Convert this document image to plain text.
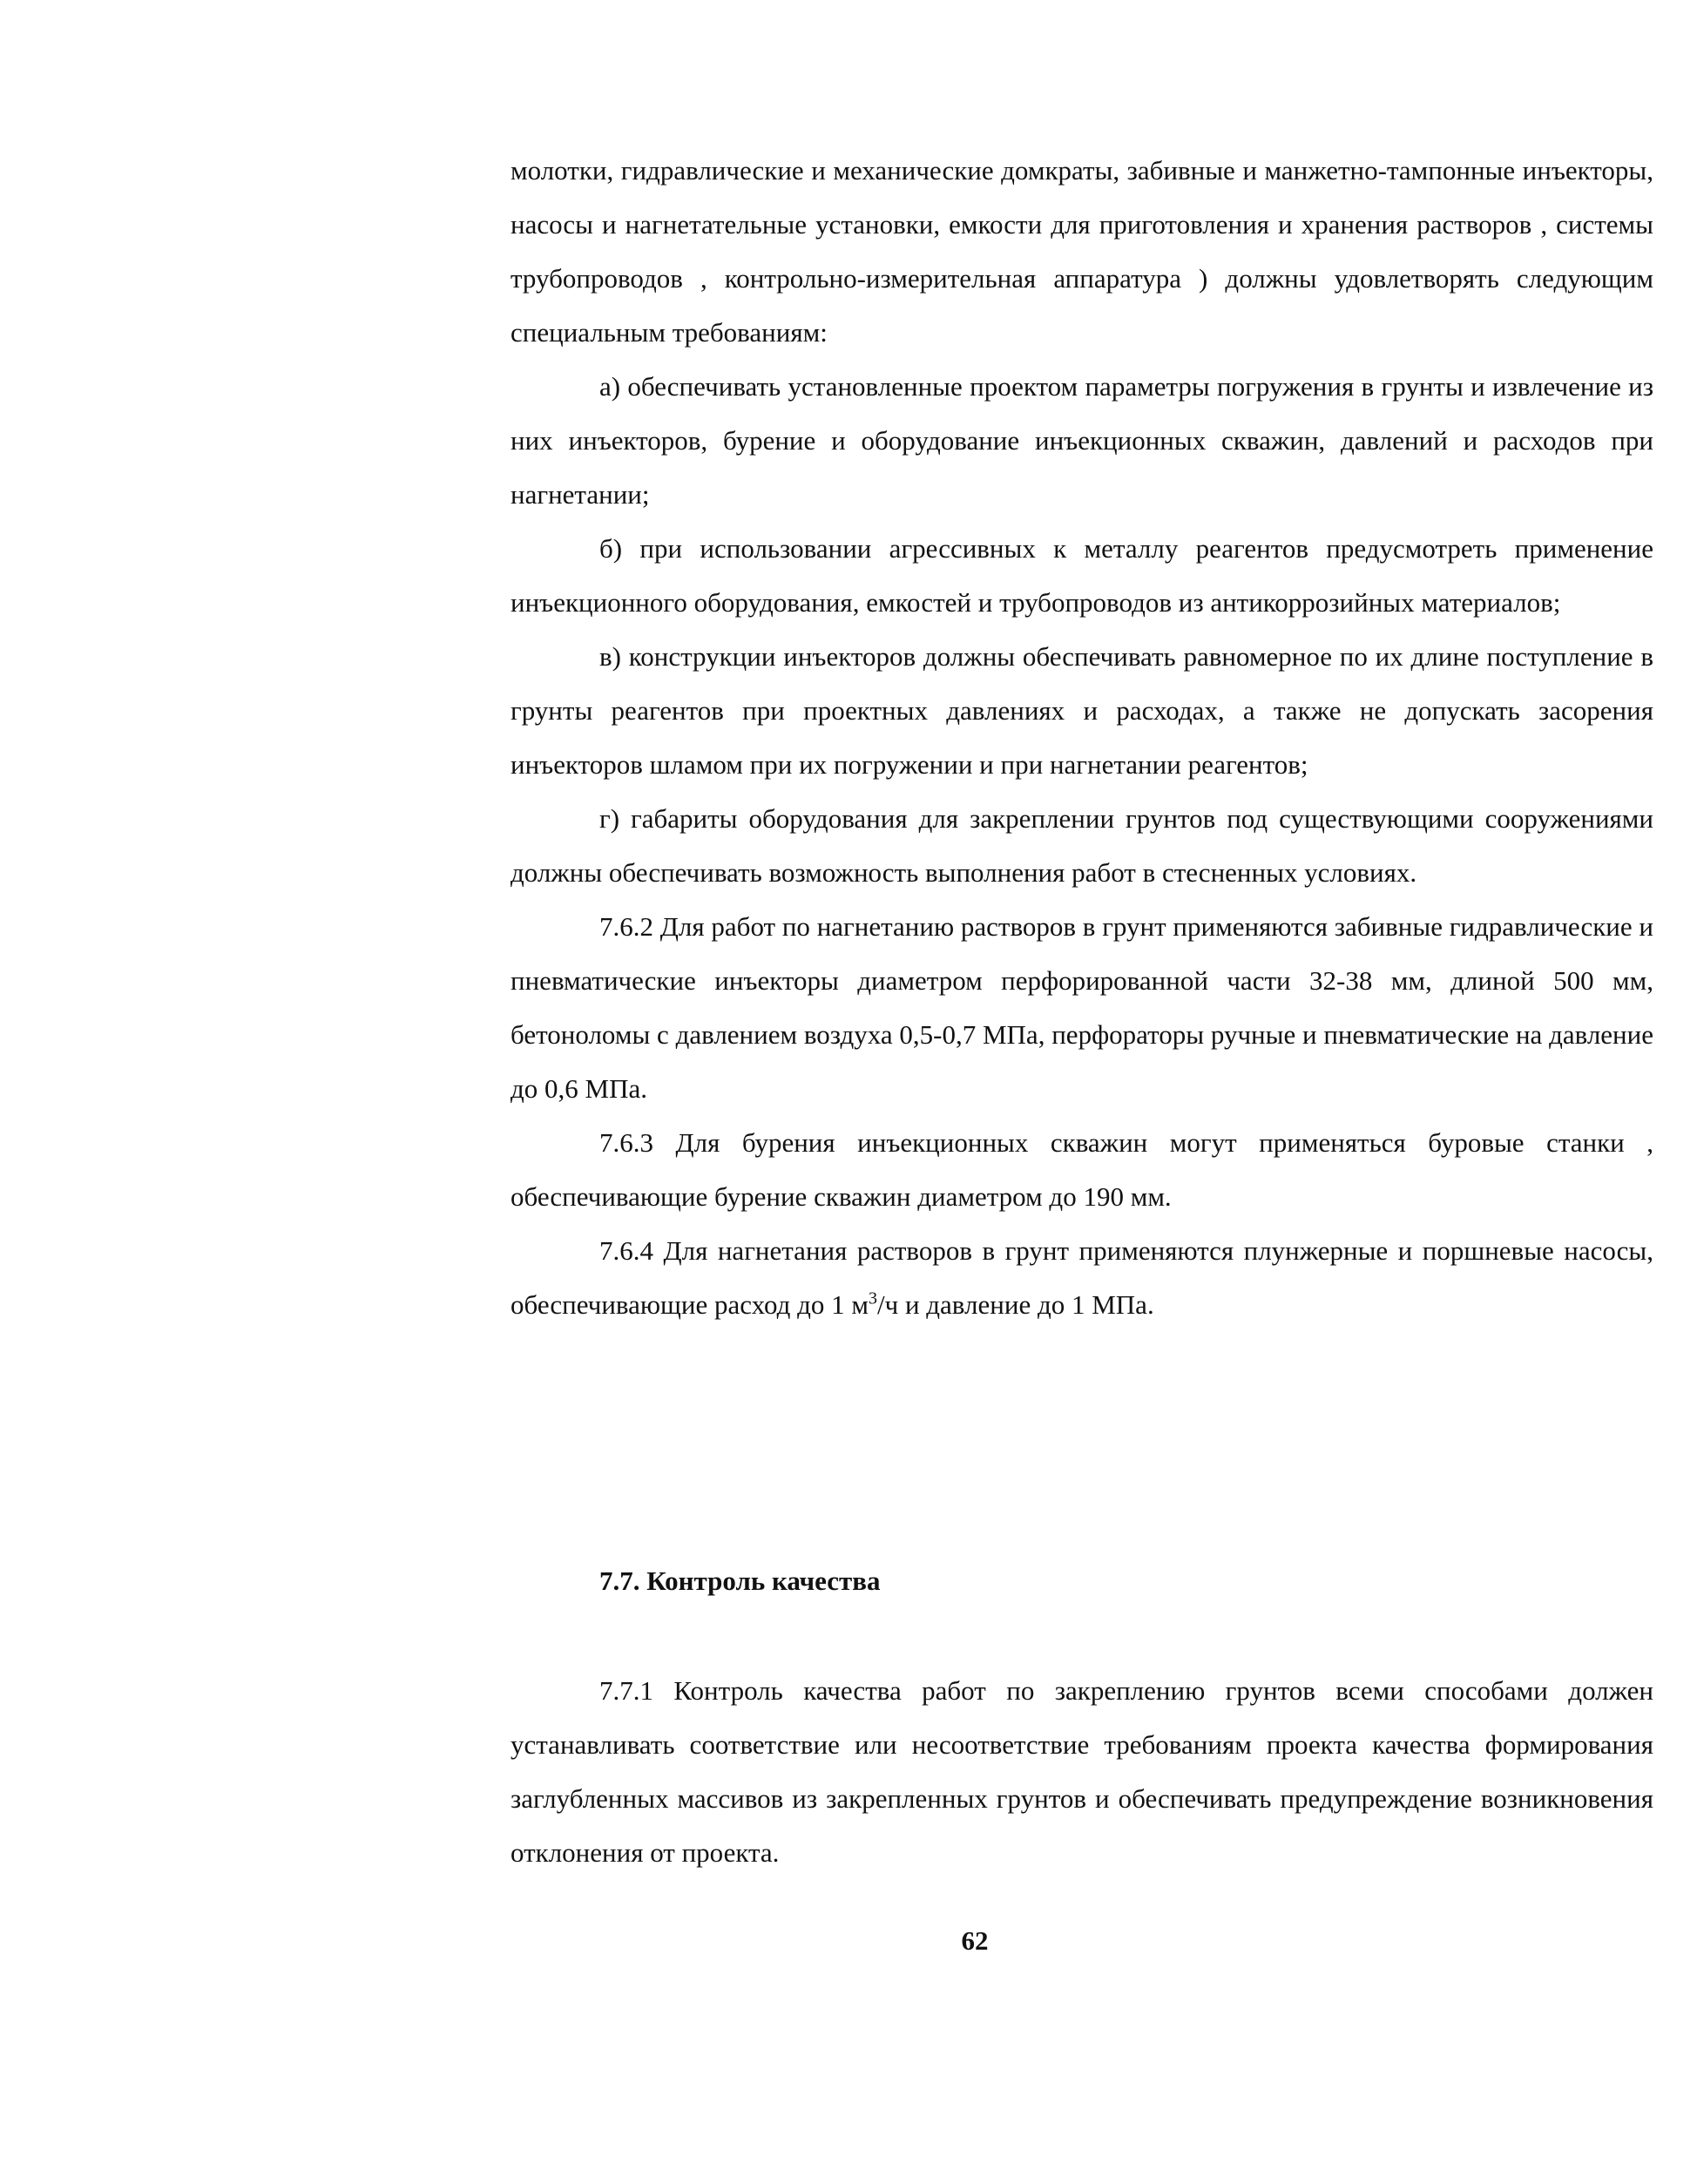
молотки, гидравлические и механические домкраты, забивные и манжетно-тампонные инъекторы, насосы и нагнетательные установки, емкости для приготовления и хранения растворов , системы трубопроводов , контрольно-измерительная аппаратура ) должны удовлетворять следующим специальным требованиям:

а) обеспечивать установленные проектом параметры погружения в грунты и извлечение из них инъекторов, бурение и оборудование инъекционных скважин, давлений и расходов при нагнетании;

б) при использовании агрессивных к металлу реагентов предусмотреть применение инъекционного оборудования, емкостей и трубопроводов из антикоррозийных материалов;

в) конструкции инъекторов должны обеспечивать равномерное по их длине поступление в грунты реагентов при проектных давлениях и расходах, а также не допускать засорения инъекторов шламом при их погружении и при нагнетании реагентов;

г) габариты оборудования для закреплении грунтов под существующими сооружениями должны обеспечивать возможность выполнения работ в стесненных условиях.

7.6.2 Для работ по нагнетанию растворов в грунт применяются забивные гидравлические и пневматические инъекторы диаметром перфорированной части 32-38 мм, длиной 500 мм, бетоноломы с давлением воздуха 0,5-0,7 МПа, перфораторы ручные и пневматические на давление до 0,6 МПа.

7.6.3 Для бурения инъекционных скважин могут применяться буровые станки , обеспечивающие бурение скважин диаметром до 190 мм.

7.6.4 Для нагнетания растворов в грунт применяются плунжерные и поршневые насосы, обеспечивающие расход до 1 $м^3/ч$ и давление до 1 МПа.

7.7. Контроль качества

7.7.1 Контроль качества работ по закреплению грунтов всеми способами должен устанавливать соответствие или несоответствие требованиям проекта качества формирования заглубленных массивов из закрепленных грунтов и обеспечивать предупреждение возникновения отклонения от проекта.

62
